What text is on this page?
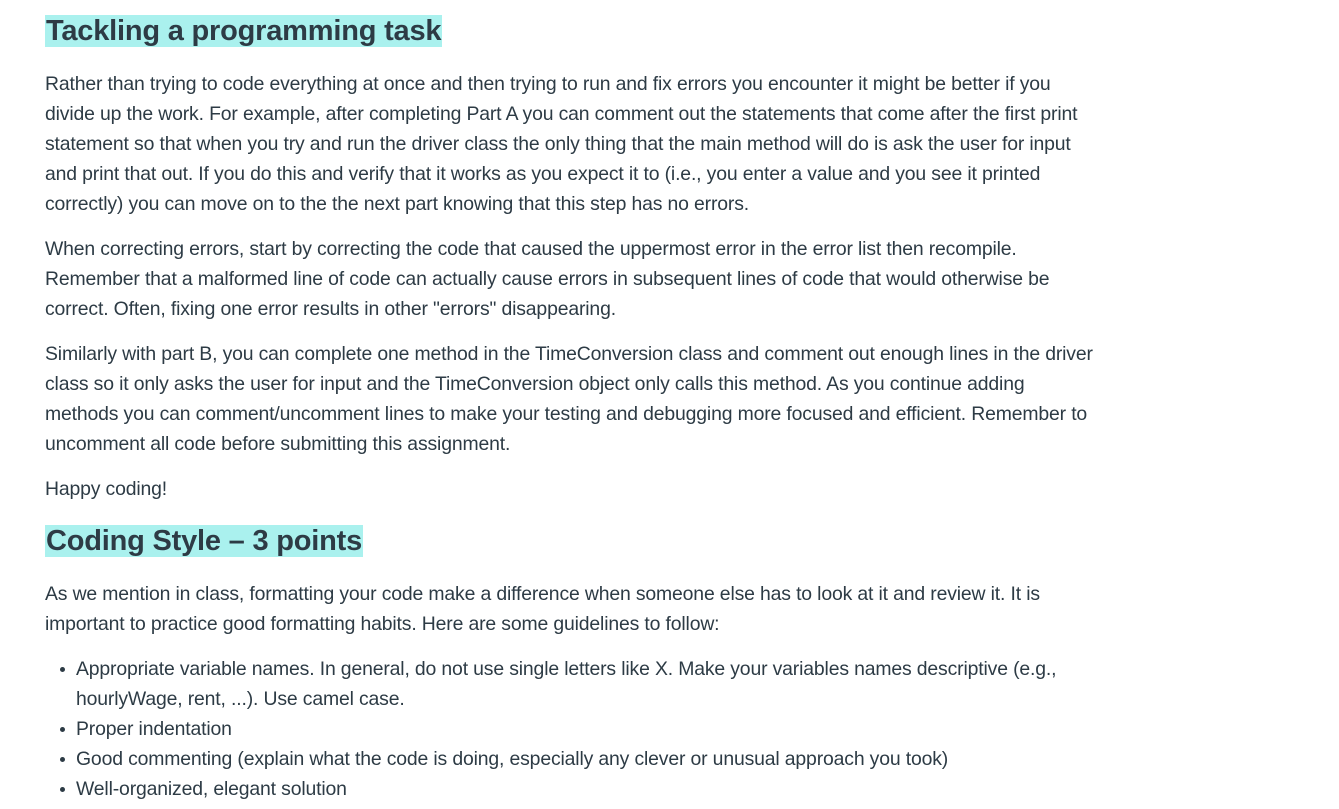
Tackling a programming task

Rather than trying to code everything at once and then trying to run and fix errors you encounter it might be better if you divide up the work. For example, after completing Part A you can comment out the statements that come after the first print statement so that when you try and run the driver class the only thing that the main method will do is ask the user for input and print that out. If you do this and verify that it works as you expect it to (i.e., you enter a value and you see it printed correctly) you can move on to the the next part knowing that this step has no errors.

When correcting errors, start by correcting the code that caused the uppermost error in the error list then recompile. Remember that a malformed line of code can actually cause errors in subsequent lines of code that would otherwise be correct. Often, fixing one error results in other "errors" disappearing.

Similarly with part B, you can complete one method in the TimeConversion class and comment out enough lines in the driver class so it only asks the user for input and the TimeConversion object only calls this method. As you continue adding methods you can comment/uncomment lines to make your testing and debugging more focused and efficient. Remember to uncomment all code before submitting this assignment.

Happy coding!

Coding Style – 3 points

As we mention in class, formatting your code make a difference when someone else has to look at it and review it. It is important to practice good formatting habits. Here are some guidelines to follow:

Appropriate variable names. In general, do not use single letters like X. Make your variables names descriptive (e.g., hourlyWage, rent, ...). Use camel case.
Proper indentation
Good commenting (explain what the code is doing, especially any clever or unusual approach you took)
Well-organized, elegant solution
